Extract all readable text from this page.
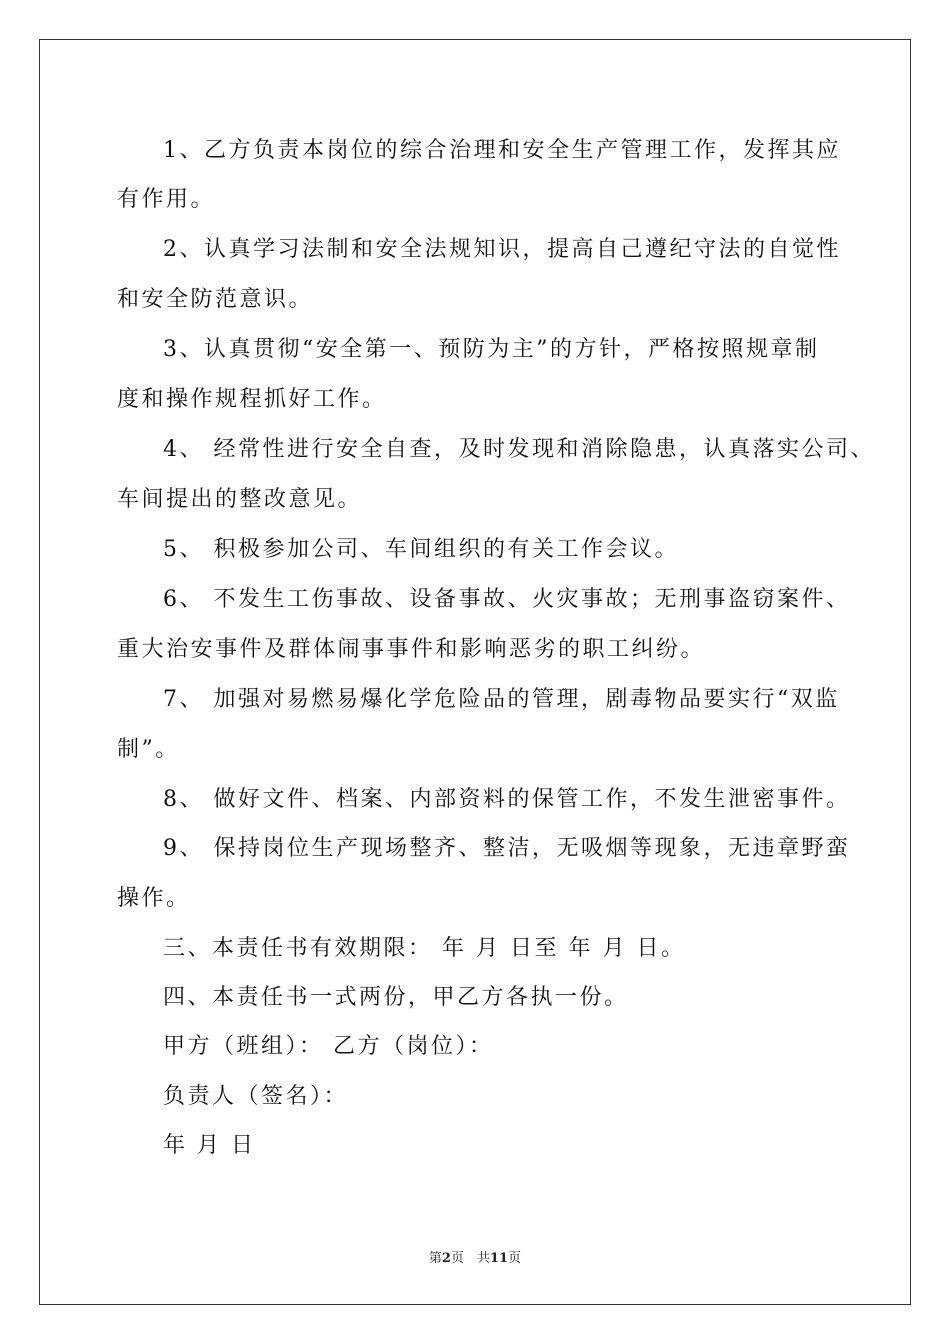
1、乙方负责本岗位的综合治理和安全生产管理工作，发挥其应
有作用。
2、认真学习法制和安全法规知识，提高自己遵纪守法的自觉性
和安全防范意识。
3、认真贯彻“安全第一、预防为主”的方针，严格按照规章制
度和操作规程抓好工作。
4、 经常性进行安全自查，及时发现和消除隐患，认真落实公司、
车间提出的整改意见。
5、 积极参加公司、车间组织的有关工作会议。
6、 不发生工伤事故、设备事故、火灾事故；无刑事盗窃案件、
重大治安事件及群体闹事事件和影响恶劣的职工纠纷。
7、 加强对易燃易爆化学危险品的管理，剧毒物品要实行“双监
制”。
8、 做好文件、档案、内部资料的保管工作，不发生泄密事件。
9、 保持岗位生产现场整齐、整洁，无吸烟等现象，无违章野蛮
操作。
三、本责任书有效期限： 年 月 日至 年 月 日。
四、本责任书一式两份，甲乙方各执一份。
甲方（班组）： 乙方（岗位）：
负责人（签名）：
年 月 日
第2页　共11页
